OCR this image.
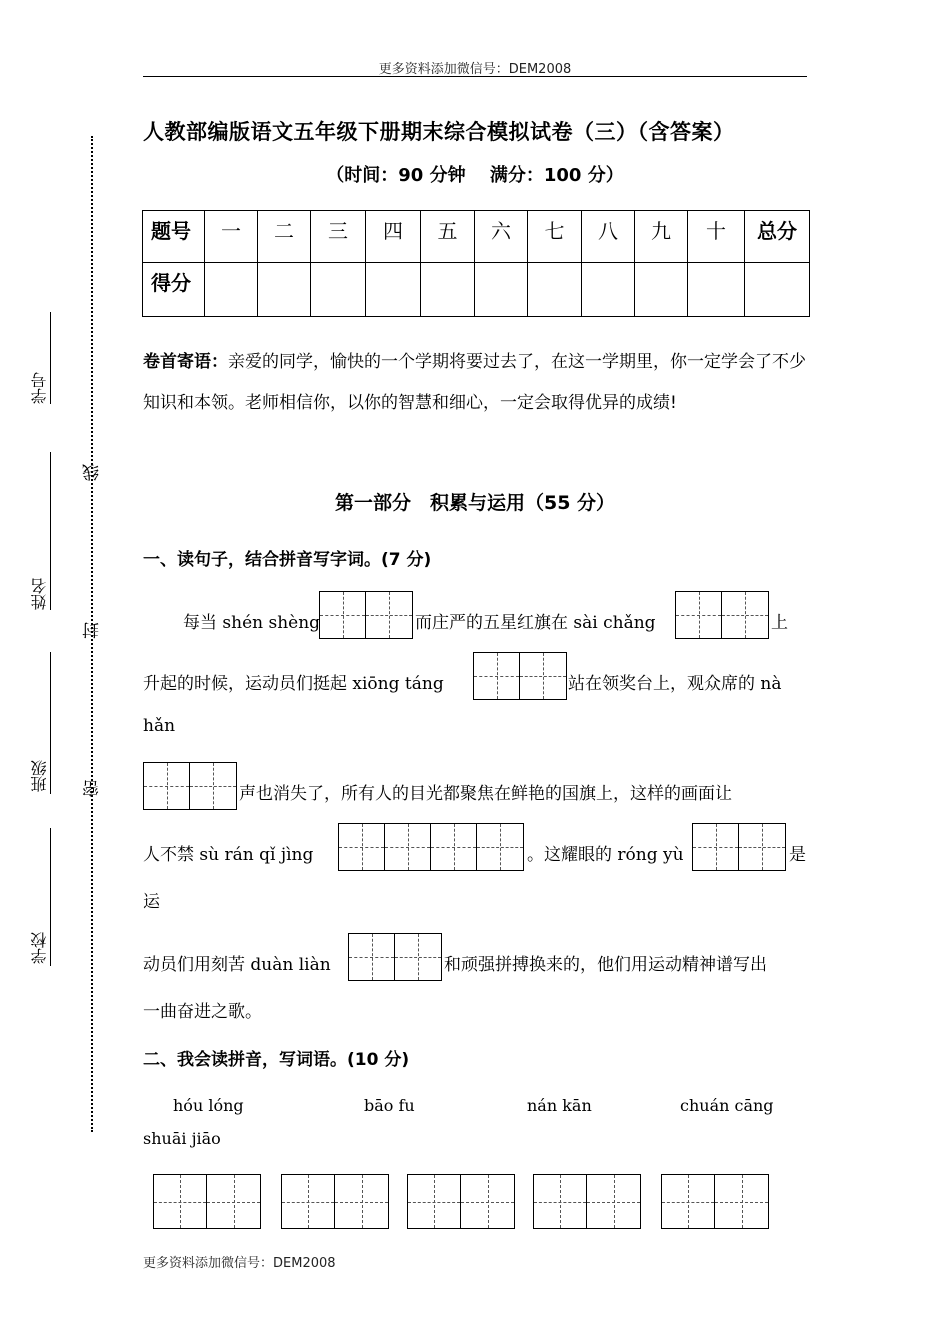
更多资料添加微信号：DEM2008
线
封
密
学号
姓名
班级
学校
人教部编版语文五年级下册期末综合模拟试卷（三）（含答案）
（时间：90 分钟　 满分：100 分）
题号	一	二	三	四	五	六	七	八	九	十	总分
得分											
卷首寄语：亲爱的同学，愉快的一个学期将要过去了，在这一学期里，你一定学会了不少知识和本领。老师相信你，以你的智慧和细心，一定会取得优异的成绩!
第一部分　积累与运用（55 分）
一、读句子，结合拼音写字词。(7 分)
每当 shén shèng	而庄严的五星红旗在 sài chǎng	上
升起的时候，运动员们挺起 xiōng táng	站在领奖台上，观众席的 nà
hǎn
声也消失了，所有人的目光都聚焦在鲜艳的国旗上，这样的画面让
人不禁 sù rán qǐ jìng	。这耀眼的 róng yù	是
运
动员们用刻苦 duàn liàn	和顽强拼搏换来的，他们用运动精神谱写出
一曲奋进之歌。
二、我会读拼音，写词语。(10 分)
hóu lóng	bāo fu	nán kān	chuán cāng
shuāi jiāo
更多资料添加微信号：DEM2008
